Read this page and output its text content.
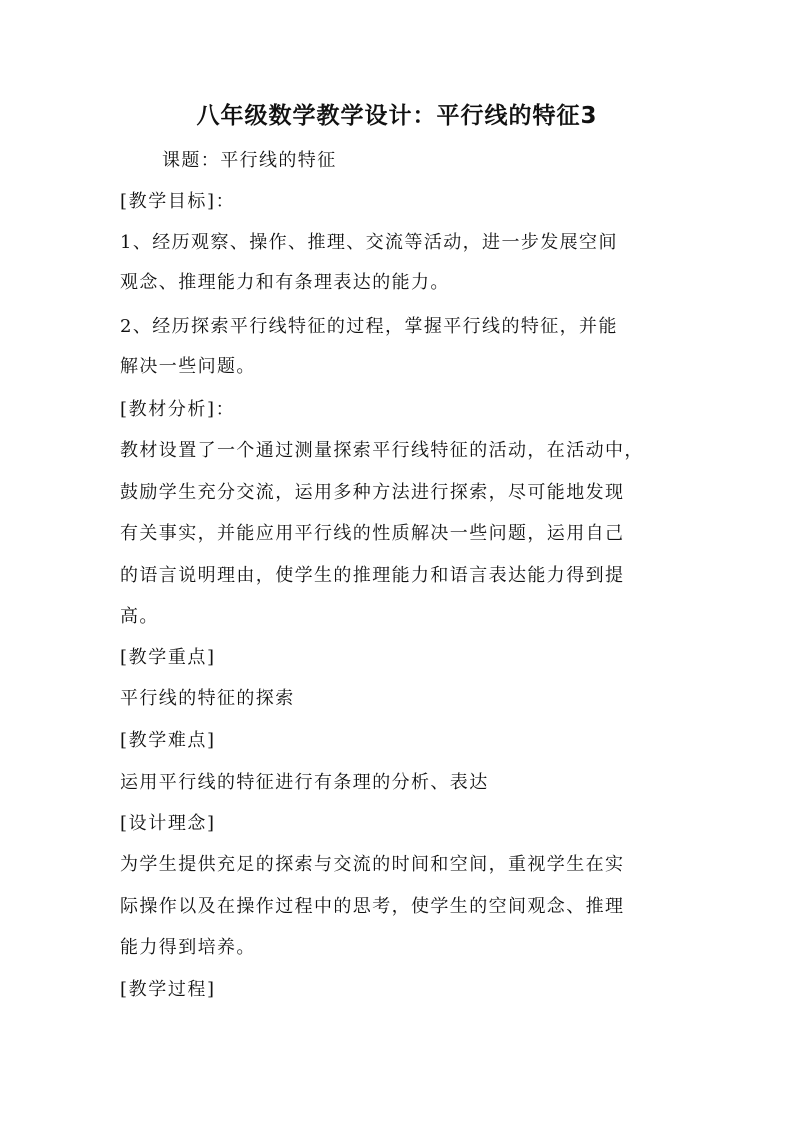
八年级数学教学设计：平行线的特征3

课题：平行线的特征

[教学目标]：

1、经历观察、操作、推理、交流等活动，进一步发展空间

观念、推理能力和有条理表达的能力。

2、经历探索平行线特征的过程，掌握平行线的特征，并能

解决一些问题。

[教材分析]：

教材设置了一个通过测量探索平行线特征的活动，在活动中，

鼓励学生充分交流，运用多种方法进行探索，尽可能地发现

有关事实，并能应用平行线的性质解决一些问题，运用自己

的语言说明理由，使学生的推理能力和语言表达能力得到提

高。

[教学重点]

平行线的特征的探索

[教学难点]

运用平行线的特征进行有条理的分析、表达

[设计理念]

为学生提供充足的探索与交流的时间和空间，重视学生在实

际操作以及在操作过程中的思考，使学生的空间观念、推理

能力得到培养。

[教学过程]
